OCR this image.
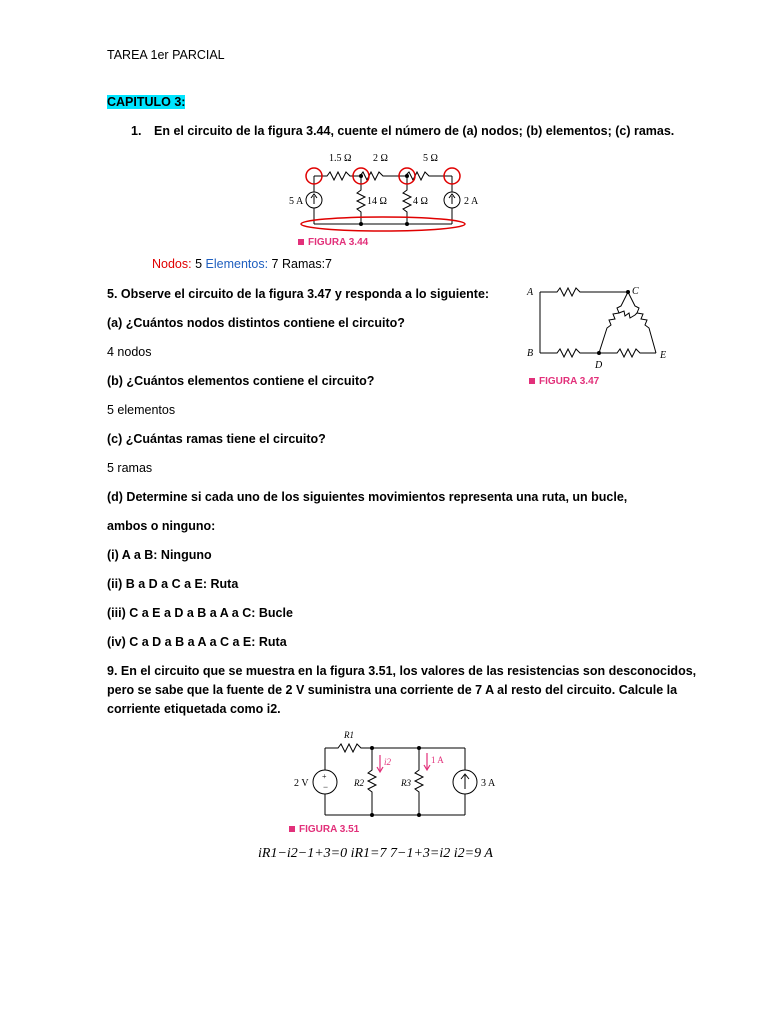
TAREA 1er PARCIAL
CAPITULO 3:
1. En el circuito de la figura 3.44, cuente el número de (a) nodos; (b) elementos; (c) ramas.
1.5 Ω 2 Ω	5 Ω
5 A	14 Ω	4 Ω	2 A
FIGURA 3.44
Nodos: 5 Elementos: 7 Ramas:7
5. Observe el circuito de la figura 3.47 y responda a lo siguiente:
(a) ¿Cuántos nodos distintos contiene el circuito?
4 nodos
(b) ¿Cuántos elementos contiene el circuito?
5 elementos
(c) ¿Cuántas ramas tiene el circuito?
5 ramas
(d) Determine si cada uno de los siguientes movimientos representa una ruta, un bucle,
ambos o ninguno:
(i) A a B: Ninguno
(ii) B a D a C a E: Ruta
(iii) C a E a D a B a A a C: Bucle
(iv) C a D a B a A a C a E: Ruta
A
B
C
D
E
FIGURA 3.47
9. En el circuito que se muestra en la figura 3.51, los valores de las resistencias son desconocidos,
pero se sabe que la fuente de 2 V suministra una corriente de 7 A al resto del circuito. Calcule la
corriente etiquetada como i2.
+
−
R1
i2	1 A
2 V	R2	R3	3 A
FIGURA 3.51
iR1−i2−1+3=0 iR1=7 7−1+3=i2 i2=9 A
